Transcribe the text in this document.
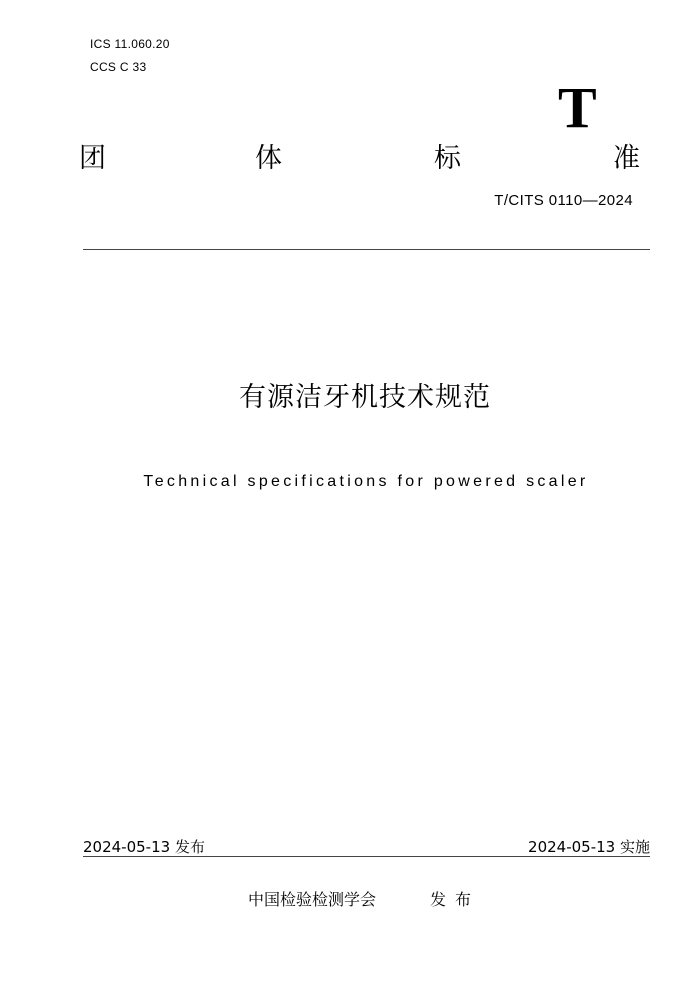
ICS 11.060.20
CCS C 33
T
团	体	标	准
T/CITS 0110—2024
有源洁牙机技术规范
Technical specifications for powered scaler
2024-05-13 发布	2024-05-13 实施
中国检验检测学会	发布
